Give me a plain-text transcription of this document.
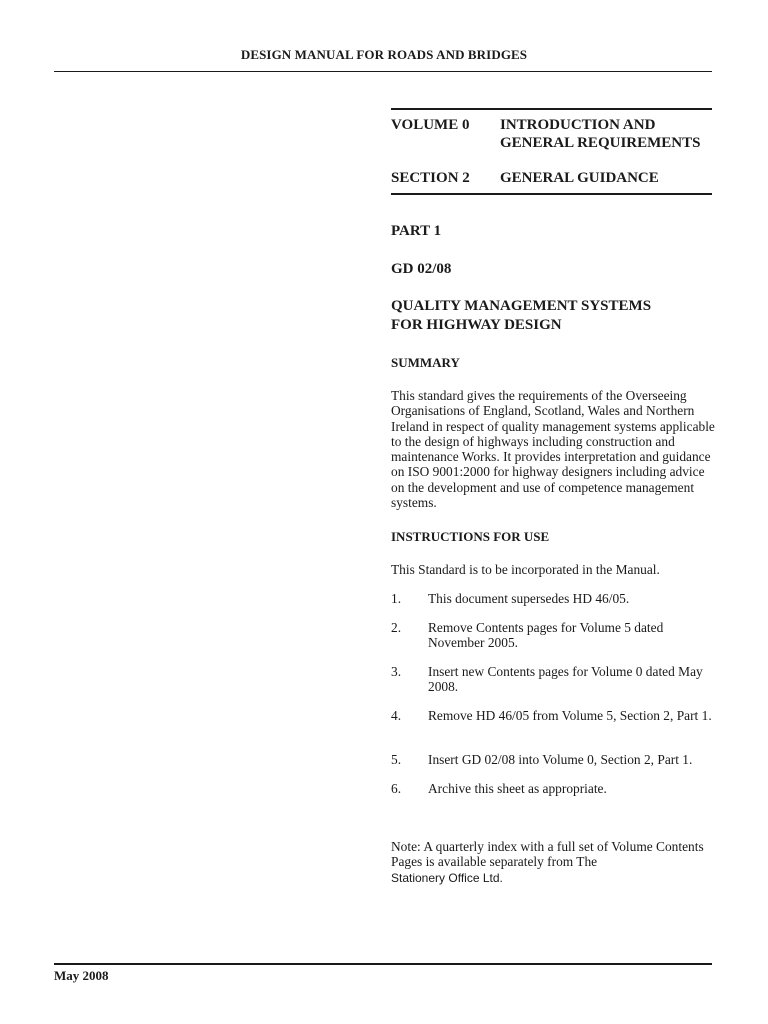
DESIGN MANUAL FOR ROADS AND BRIDGES
VOLUME 0 INTRODUCTION AND GENERAL REQUIREMENTS
SECTION 2 GENERAL GUIDANCE
PART 1
GD 02/08
QUALITY MANAGEMENT SYSTEMS
FOR HIGHWAY DESIGN
SUMMARY
This standard gives the requirements of the Overseeing Organisations of England, Scotland, Wales and Northern Ireland in respect of quality management systems applicable to the design of highways including construction and maintenance Works. It provides interpretation and guidance on ISO 9001:2000 for highway designers including advice on the development and use of competence management systems.
INSTRUCTIONS FOR USE
This Standard is to be incorporated in the Manual.
1. This document supersedes HD 46/05.
2. Remove Contents pages for Volume 5 dated November 2005.
3. Insert new Contents pages for Volume 0 dated May 2008.
4. Remove HD 46/05 from Volume 5, Section 2, Part 1.
5. Insert GD 02/08 into Volume 0, Section 2, Part 1.
6. Archive this sheet as appropriate.
Note: A quarterly index with a full set of Volume Contents Pages is available separately from The
Stationery Office Ltd.
May 2008
